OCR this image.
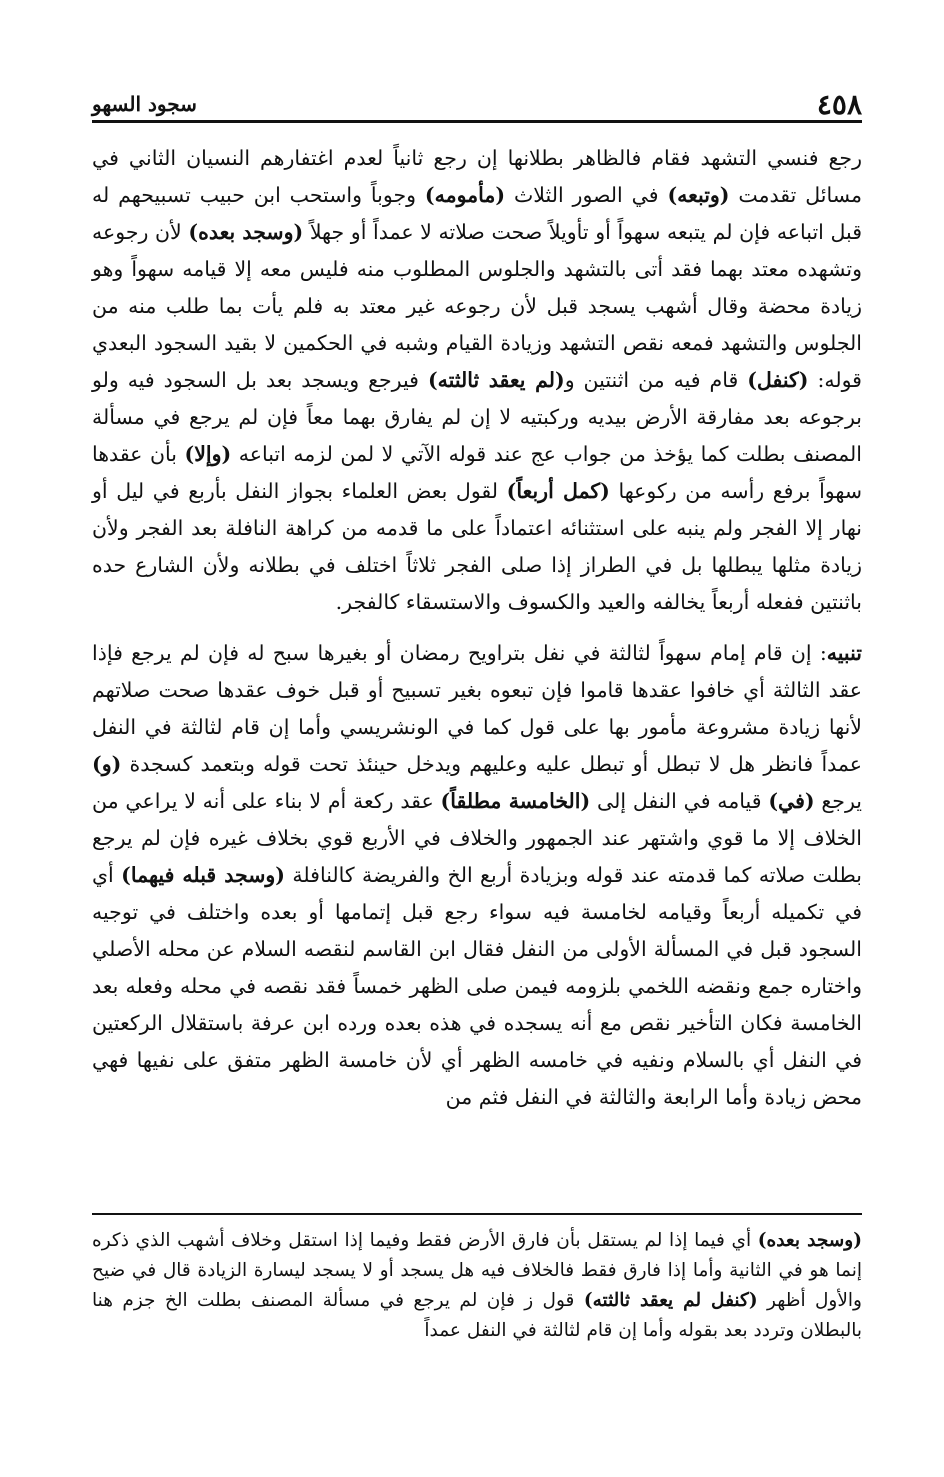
٤٥٨
سجود السهو

رجع فنسي التشهد فقام فالظاهر بطلانها إن رجع ثانياً لعدم اغتفارهم النسيان الثاني في مسائل تقدمت (وتبعه) في الصور الثلاث (مأمومه) وجوباً واستحب ابن حبيب تسبيحهم له قبل اتباعه فإن لم يتبعه سهواً أو تأويلاً صحت صلاته لا عمداً أو جهلاً (وسجد بعده) لأن رجوعه وتشهده معتد بهما فقد أتى بالتشهد والجلوس المطلوب منه فليس معه إلا قيامه سهواً وهو زيادة محضة وقال أشهب يسجد قبل لأن رجوعه غير معتد به فلم يأت بما طلب منه من الجلوس والتشهد فمعه نقص التشهد وزيادة القيام وشبه في الحكمين لا بقيد السجود البعدي قوله: (كنفل) قام فيه من اثنتين و(لم يعقد ثالثته) فيرجع ويسجد بعد بل السجود فيه ولو برجوعه بعد مفارقة الأرض بيديه وركبتيه لا إن لم يفارق بهما معاً فإن لم يرجع في مسألة المصنف بطلت كما يؤخذ من جواب عج عند قوله الآتي لا لمن لزمه اتباعه (وإلا) بأن عقدها سهواً برفع رأسه من ركوعها (كمل أربعاً) لقول بعض العلماء بجواز النفل بأربع في ليل أو نهار إلا الفجر ولم ينبه على استثنائه اعتماداً على ما قدمه من كراهة النافلة بعد الفجر ولأن زيادة مثلها يبطلها بل في الطراز إذا صلى الفجر ثلاثاً اختلف في بطلانه ولأن الشارع حده باثنتين ففعله أربعاً يخالفه والعيد والكسوف والاستسقاء كالفجر.

تنبيه: إن قام إمام سهواً لثالثة في نفل بتراويح رمضان أو بغيرها سبح له فإن لم يرجع فإذا عقد الثالثة أي خافوا عقدها قاموا فإن تبعوه بغير تسبيح أو قبل خوف عقدها صحت صلاتهم لأنها زيادة مشروعة مأمور بها على قول كما في الونشريسي وأما إن قام لثالثة في النفل عمداً فانظر هل لا تبطل أو تبطل عليه وعليهم ويدخل حينئذ تحت قوله وبتعمد كسجدة (و) يرجع (في) قيامه في النفل إلى (الخامسة مطلقاً) عقد ركعة أم لا بناء على أنه لا يراعي من الخلاف إلا ما قوي واشتهر عند الجمهور والخلاف في الأربع قوي بخلاف غيره فإن لم يرجع بطلت صلاته كما قدمته عند قوله وبزيادة أربع الخ والفريضة كالنافلة (وسجد قبله فيهما) أي في تكميله أربعاً وقيامه لخامسة فيه سواء رجع قبل إتمامها أو بعده واختلف في توجيه السجود قبل في المسألة الأولى من النفل فقال ابن القاسم لنقصه السلام عن محله الأصلي واختاره جمع ونقضه اللخمي بلزومه فيمن صلى الظهر خمساً فقد نقصه في محله وفعله بعد الخامسة فكان التأخير نقص مع أنه يسجده في هذه بعده ورده ابن عرفة باستقلال الركعتين في النفل أي بالسلام ونفيه في خامسه الظهر أي لأن خامسة الظهر متفق على نفيها فهي محض زيادة وأما الرابعة والثالثة في النفل فثم من

(وسجد بعده) أي فيما إذا لم يستقل بأن فارق الأرض فقط وفيما إذا استقل وخلاف أشهب الذي ذكره إنما هو في الثانية وأما إذا فارق فقط فالخلاف فيه هل يسجد أو لا يسجد ليسارة الزيادة قال في ضيح والأول أظهر (كنفل لم يعقد ثالثته) قول ز فإن لم يرجع في مسألة المصنف بطلت الخ جزم هنا بالبطلان وتردد بعد بقوله وأما إن قام لثالثة في النفل عمداً
